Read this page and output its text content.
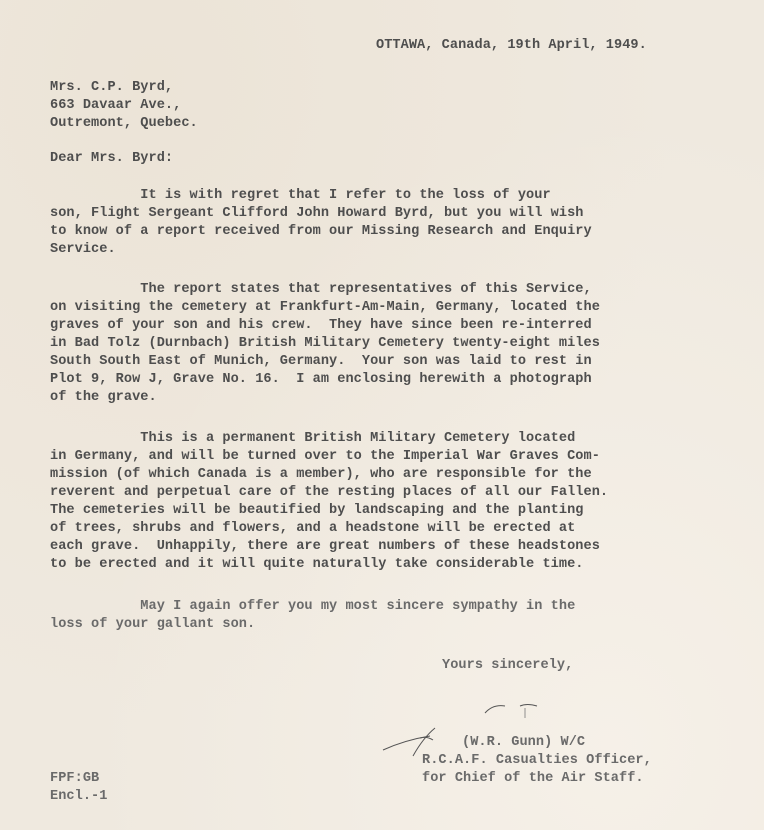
OTTAWA, Canada, 19th April, 1949.
Mrs. C.P. Byrd,
663 Davaar Ave.,
Outremont, Quebec.
Dear Mrs. Byrd:
It is with regret that I refer to the loss of your
son, Flight Sergeant Clifford John Howard Byrd, but you will wish
to know of a report received from our Missing Research and Enquiry
Service.
The report states that representatives of this Service,
on visiting the cemetery at Frankfurt-Am-Main, Germany, located the
graves of your son and his crew.  They have since been re-interred
in Bad Tolz (Durnbach) British Military Cemetery twenty-eight miles
South South East of Munich, Germany.  Your son was laid to rest in
Plot 9, Row J, Grave No. 16.  I am enclosing herewith a photograph
of the grave.
This is a permanent British Military Cemetery located
in Germany, and will be turned over to the Imperial War Graves Com-
mission (of which Canada is a member), who are responsible for the
reverent and perpetual care of the resting places of all our Fallen.
The cemeteries will be beautified by landscaping and the planting
of trees, shrubs and flowers, and a headstone will be erected at
each grave.  Unhappily, there are great numbers of these headstones
to be erected and it will quite naturally take considerable time.
May I again offer you my most sincere sympathy in the
loss of your gallant son.
Yours sincerely,
(W.R. Gunn) W/C
R.C.A.F. Casualties Officer,
for Chief of the Air Staff.
FPF:GB
Encl.-1
